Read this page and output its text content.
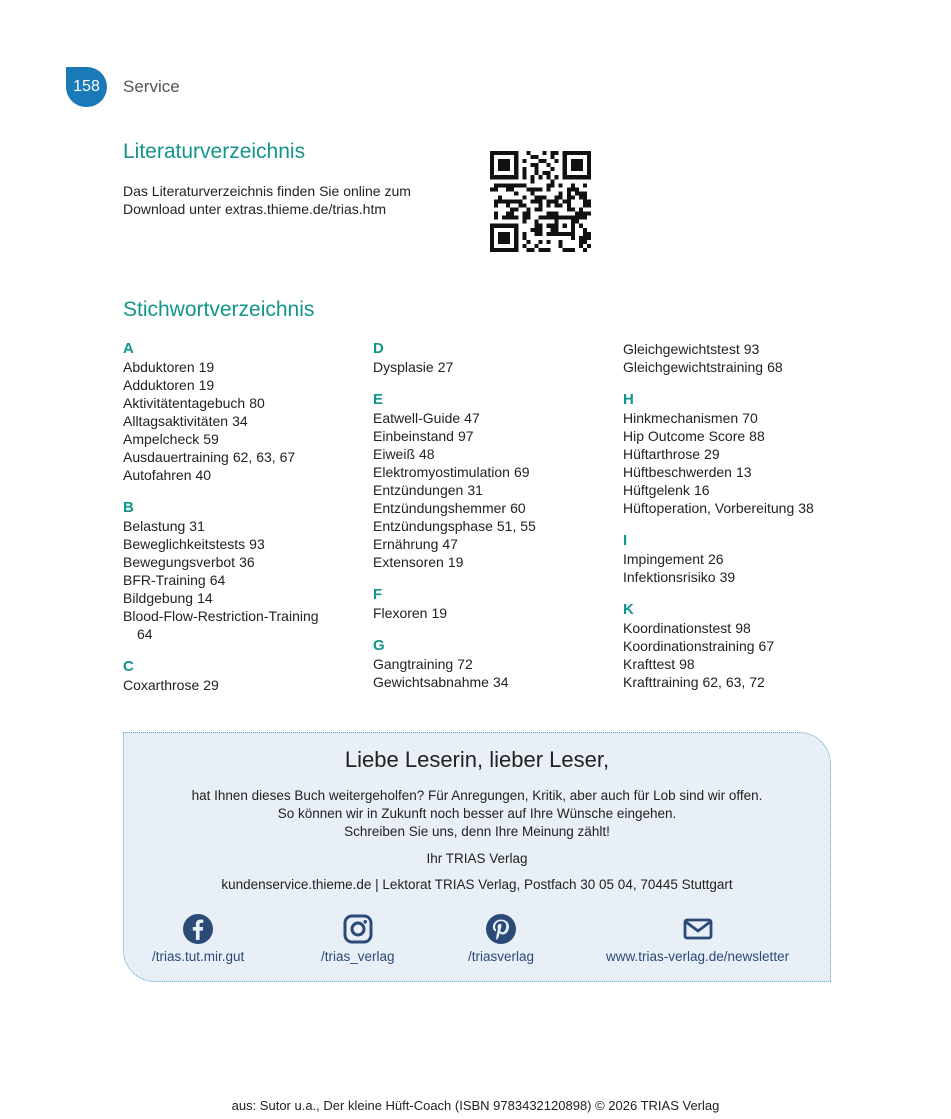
158	Service
Literaturverzeichnis
Das Literaturverzeichnis finden Sie online zum
Download unter extras.thieme.de/trias.htm
Stichwortverzeichnis
A
Abduktoren 19
Adduktoren 19
Aktivitätentagebuch 80
Alltagsaktivitäten 34
Ampelcheck 59
Ausdauertraining 62, 63, 67
Autofahren 40
B
Belastung 31
Beweglichkeitstests 93
Bewegungsverbot 36
BFR-Training 64
Bildgebung 14
Blood-Flow-Restriction-Training
64
C
Coxarthrose 29
D
Dysplasie 27
E
Eatwell-Guide 47
Einbeinstand 97
Eiweiß 48
Elektromyostimulation 69
Entzündungen 31
Entzündungshemmer 60
Entzündungsphase 51, 55
Ernährung 47
Extensoren 19
F
Flexoren 19
G
Gangtraining 72
Gewichtsabnahme 34
Gleichgewichtstest 93
Gleichgewichtstraining 68
H
Hinkmechanismen 70
Hip Outcome Score 88
Hüftarthrose 29
Hüftbeschwerden 13
Hüftgelenk 16
Hüftoperation, Vorbereitung 38
I
Impingement 26
Infektionsrisiko 39
K
Koordinationstest 98
Koordinationstraining 67
Krafttest 98
Krafttraining 62, 63, 72
Liebe Leserin, lieber Leser,
hat Ihnen dieses Buch weitergeholfen? Für Anregungen, Kritik, aber auch für Lob sind wir offen.
So können wir in Zukunft noch besser auf Ihre Wünsche eingehen.
Schreiben Sie uns, denn Ihre Meinung zählt!
Ihr TRIAS Verlag
kundenservice.thieme.de | Lektorat TRIAS Verlag, Postfach 30 05 04, 70445 Stuttgart
/trias.tut.mir.gut	/trias_verlag	/triasverlag	www.trias-verlag.de/newsletter
aus: Sutor u.a., Der kleine Hüft-Coach (ISBN 9783432120898) © 2026 TRIAS Verlag
